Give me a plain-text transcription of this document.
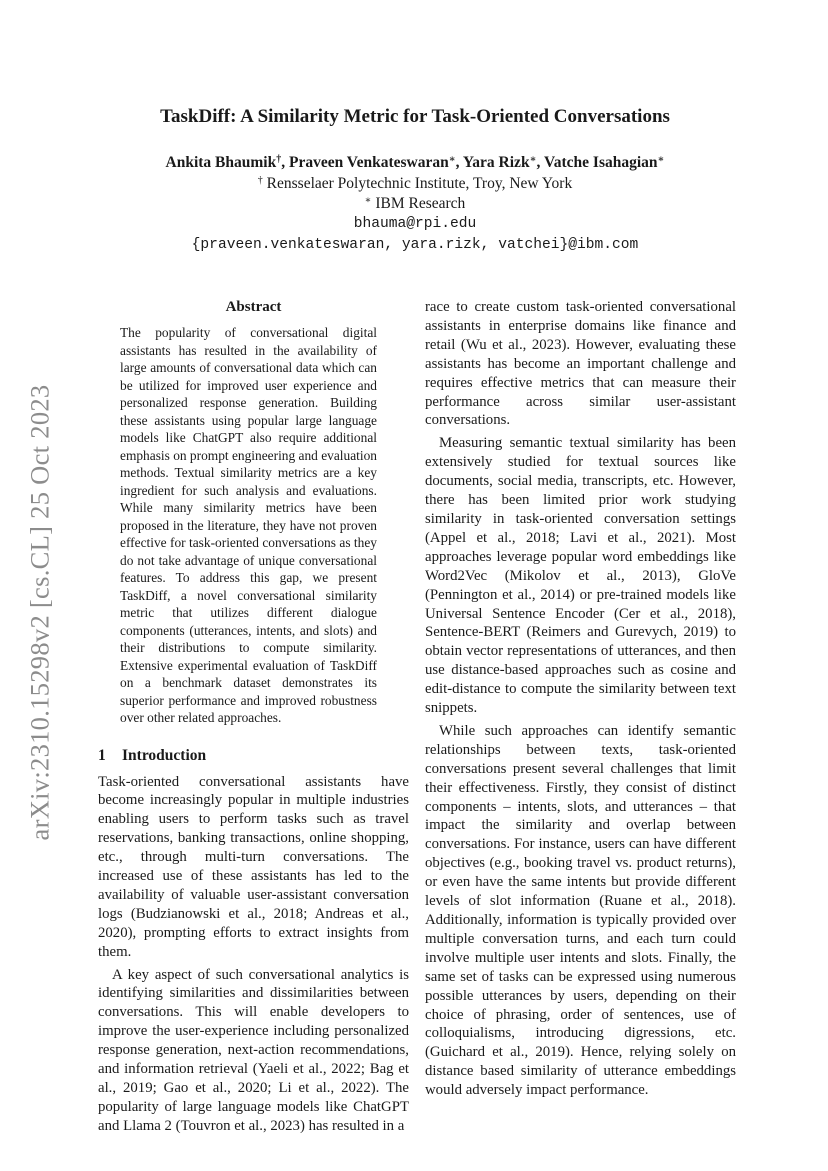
arXiv:2310.15298v2 [cs.CL] 25 Oct 2023
TaskDiff: A Similarity Metric for Task-Oriented Conversations
Ankita Bhaumik†, Praveen Venkateswaran∗, Yara Rizk∗, Vatche Isahagian∗
† Rensselaer Polytechnic Institute, Troy, New York
∗ IBM Research
bhauma@rpi.edu
{praveen.venkateswaran, yara.rizk, vatchei}@ibm.com
Abstract

The popularity of conversational digital assistants has resulted in the availability of large amounts of conversational data which can be utilized for improved user experience and personalized response generation. Building these assistants using popular large language models like ChatGPT also require additional emphasis on prompt engineering and evaluation methods. Textual similarity metrics are a key ingredient for such analysis and evaluations. While many similarity metrics have been proposed in the literature, they have not proven effective for task-oriented conversations as they do not take advantage of unique conversational features. To address this gap, we present TaskDiff, a novel conversational similarity metric that utilizes different dialogue components (utterances, intents, and slots) and their distributions to compute similarity. Extensive experimental evaluation of TaskDiff on a benchmark dataset demonstrates its superior performance and improved robustness over other related approaches.

1 Introduction

Task-oriented conversational assistants have become increasingly popular in multiple industries enabling users to perform tasks such as travel reservations, banking transactions, online shopping, etc., through multi-turn conversations. The increased use of these assistants has led to the availability of valuable user-assistant conversation logs (Budzianowski et al., 2018; Andreas et al., 2020), prompting efforts to extract insights from them.

A key aspect of such conversational analytics is identifying similarities and dissimilarities between conversations. This will enable developers to improve the user-experience including personalized response generation, next-action recommendations, and information retrieval (Yaeli et al., 2022; Bag et al., 2019; Gao et al., 2020; Li et al., 2022). The popularity of large language models like ChatGPT and Llama 2 (Touvron et al., 2023) has resulted in a

race to create custom task-oriented conversational assistants in enterprise domains like finance and retail (Wu et al., 2023). However, evaluating these assistants has become an important challenge and requires effective metrics that can measure their performance across similar user-assistant conversations.

Measuring semantic textual similarity has been extensively studied for textual sources like documents, social media, transcripts, etc. However, there has been limited prior work studying similarity in task-oriented conversation settings (Appel et al., 2018; Lavi et al., 2021). Most approaches leverage popular word embeddings like Word2Vec (Mikolov et al., 2013), GloVe (Pennington et al., 2014) or pre-trained models like Universal Sentence Encoder (Cer et al., 2018), Sentence-BERT (Reimers and Gurevych, 2019) to obtain vector representations of utterances, and then use distance-based approaches such as cosine and edit-distance to compute the similarity between text snippets.

While such approaches can identify semantic relationships between texts, task-oriented conversations present several challenges that limit their effectiveness. Firstly, they consist of distinct components – intents, slots, and utterances – that impact the similarity and overlap between conversations. For instance, users can have different objectives (e.g., booking travel vs. product returns), or even have the same intents but provide different levels of slot information (Ruane et al., 2018). Additionally, information is typically provided over multiple conversation turns, and each turn could involve multiple user intents and slots. Finally, the same set of tasks can be expressed using numerous possible utterances by users, depending on their choice of phrasing, order of sentences, use of colloquialisms, introducing digressions, etc. (Guichard et al., 2019). Hence, relying solely on distance based similarity of utterance embeddings would adversely impact performance.
